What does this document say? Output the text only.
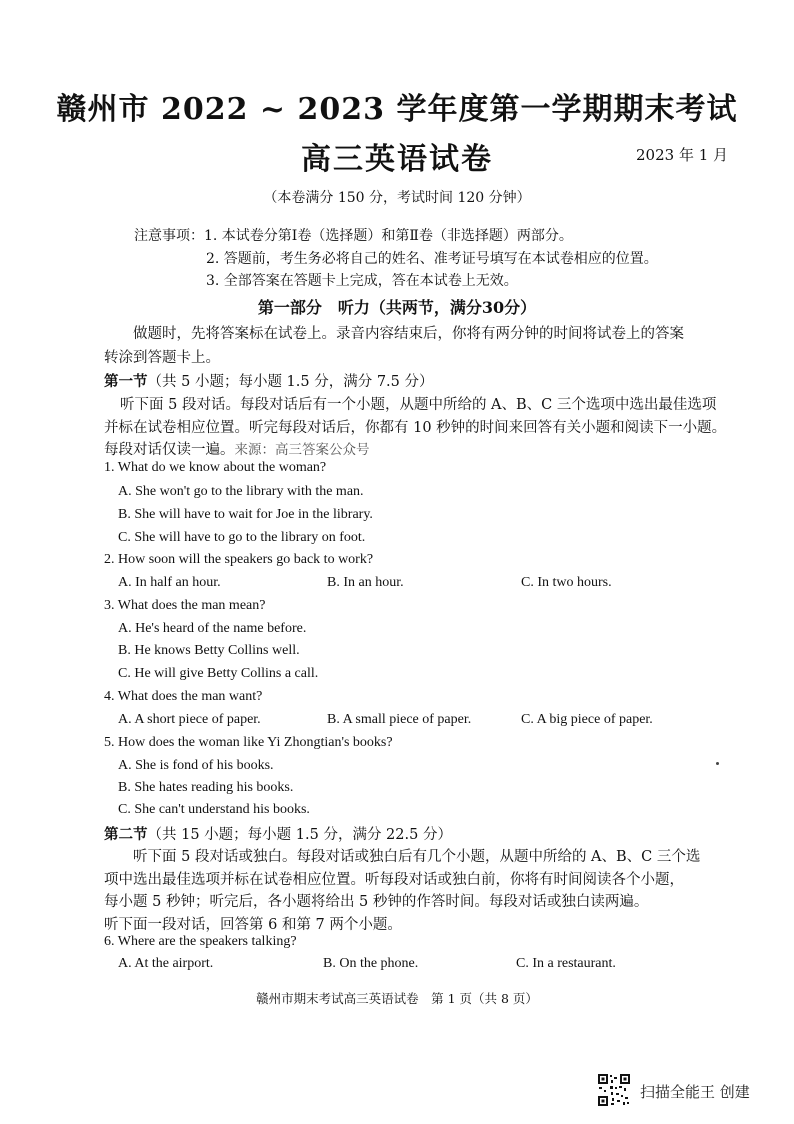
赣州市 2022 ~ 2023 学年度第一学期期末考试
高三英语试卷	2023 年 1 月
（本卷满分 150 分，考试时间 120 分钟）
注意事项：1. 本试卷分第Ⅰ卷（选择题）和第Ⅱ卷（非选择题）两部分。
2. 答题前，考生务必将自己的姓名、准考证号填写在本试卷相应的位置。
3. 全部答案在答题卡上完成，答在本试卷上无效。
第一部分　听力（共两节，满分30分）
做题时，先将答案标在试卷上。录音内容结束后，你将有两分钟的时间将试卷上的答案
转涂到答题卡上。
第一节（共 5 小题；每小题 1.5 分，满分 7.5 分）
听下面 5 段对话。每段对话后有一个小题，从题中所给的 A、B、C 三个选项中选出最佳选项
并标在试卷相应位置。听完每段对话后，你都有 10 秒钟的时间来回答有关小题和阅读下一小题。
每段对话仅读一遍。来源：高三答案公众号
1. What do we know about the woman?
A. She won't go to the library with the man.
B. She will have to wait for Joe in the library.
C. She will have to go to the library on foot.
2. How soon will the speakers go back to work?
A. In half an hour.	B. In an hour.	C. In two hours.
3. What does the man mean?
A. He's heard of the name before.
B. He knows Betty Collins well.
C. He will give Betty Collins a call.
4. What does the man want?
A. A short piece of paper.	B. A small piece of paper.	C. A big piece of paper.
5. How does the woman like Yi Zhongtian's books?
A. She is fond of his books.
B. She hates reading his books.
C. She can't understand his books.
第二节（共 15 小题；每小题 1.5 分，满分 22.5 分）
听下面 5 段对话或独白。每段对话或独白后有几个小题，从题中所给的 A、B、C 三个选
项中选出最佳选项并标在试卷相应位置。听每段对话或独白前，你将有时间阅读各个小题，
每小题 5 秒钟；听完后，各小题将给出 5 秒钟的作答时间。每段对话或独白读两遍。
听下面一段对话，回答第 6 和第 7 两个小题。
6. Where are the speakers talking?
A. At the airport.	B. On the phone.	C. In a restaurant.
赣州市期末考试高三英语试卷　第 1 页（共 8 页）
扫描全能王 创建
